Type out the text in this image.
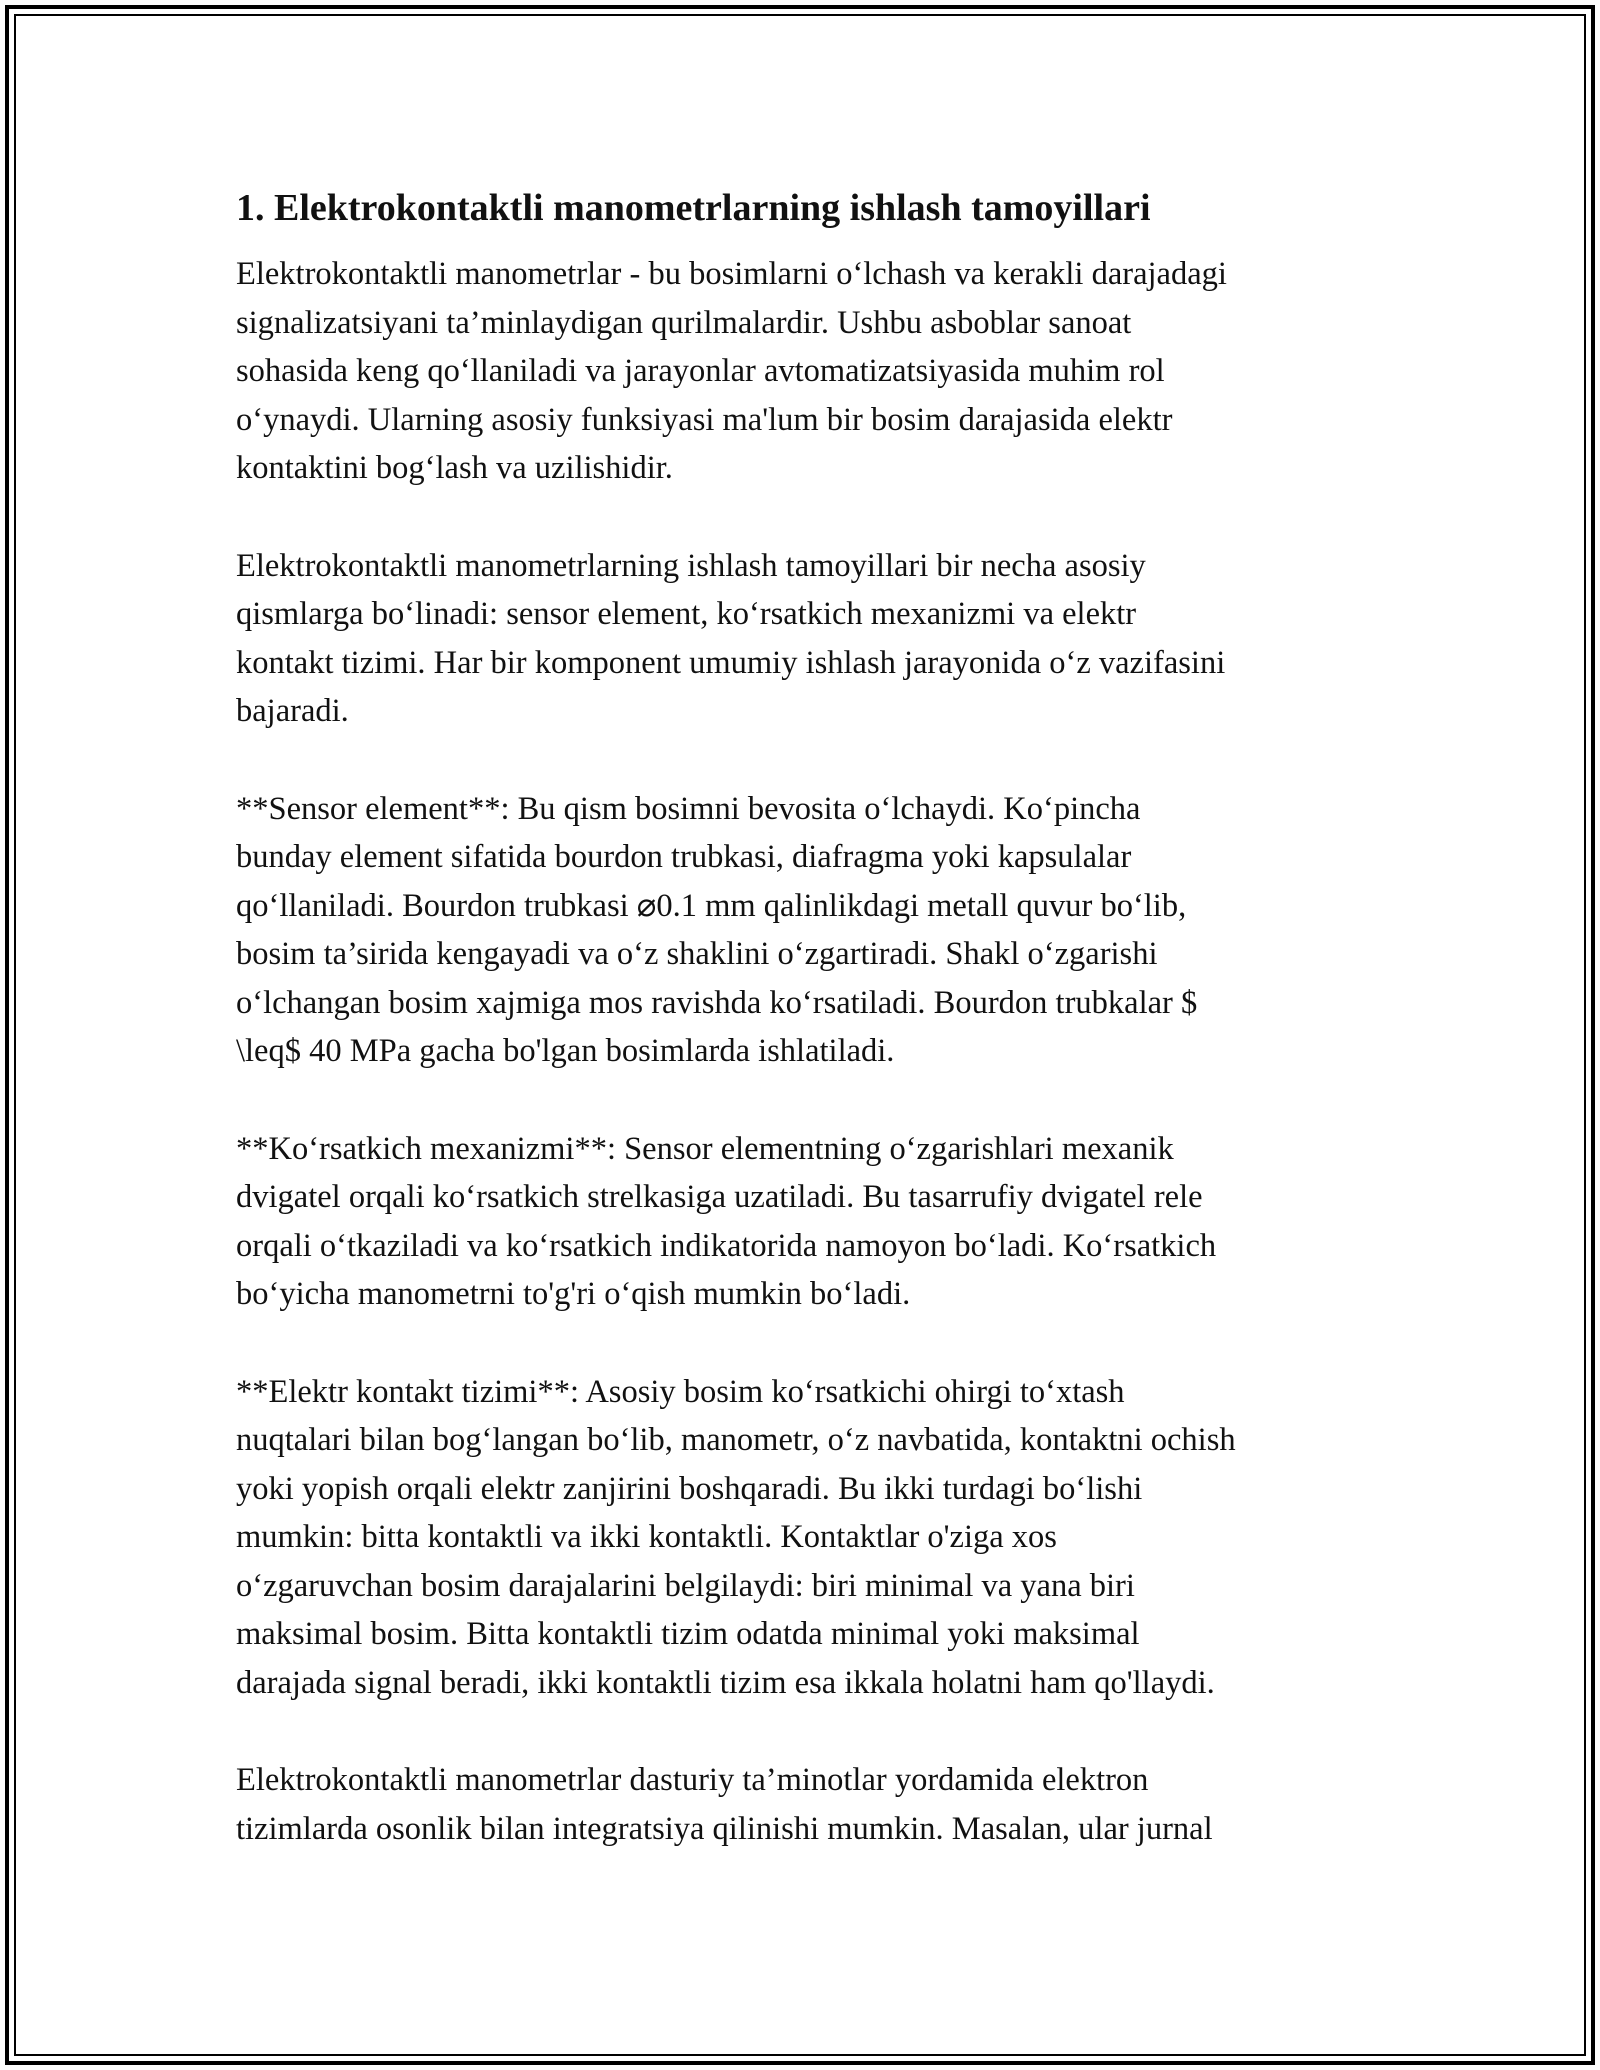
1. Elektrokontaktli manometrlarning ishlash tamoyillari
Elektrokontaktli manometrlar - bu bosimlarni o‘lchash va kerakli darajadagi
signalizatsiyani ta’minlaydigan qurilmalardir. Ushbu asboblar sanoat
sohasida keng qo‘llaniladi va jarayonlar avtomatizatsiyasida muhim rol
o‘ynaydi. Ularning asosiy funksiyasi ma'lum bir bosim darajasida elektr
kontaktini bog‘lash va uzilishidir.
Elektrokontaktli manometrlarning ishlash tamoyillari bir necha asosiy
qismlarga bo‘linadi: sensor element, ko‘rsatkich mexanizmi va elektr
kontakt tizimi. Har bir komponent umumiy ishlash jarayonida o‘z vazifasini
bajaradi.
**Sensor element**: Bu qism bosimni bevosita o‘lchaydi. Ko‘pincha
bunday element sifatida bourdon trubkasi, diafragma yoki kapsulalar
qo‘llaniladi. Bourdon trubkasi ⌀0.1 mm qalinlikdagi metall quvur bo‘lib,
bosim ta’sirida kengayadi va o‘z shaklini o‘zgartiradi. Shakl o‘zgarishi
o‘lchangan bosim xajmiga mos ravishda ko‘rsatiladi. Bourdon trubkalar $
\leq$ 40 MPa gacha bo'lgan bosimlarda ishlatiladi.
**Ko‘rsatkich mexanizmi**: Sensor elementning o‘zgarishlari mexanik
dvigatel orqali ko‘rsatkich strelkasiga uzatiladi. Bu tasarrufiy dvigatel rele
orqali o‘tkaziladi va ko‘rsatkich indikatorida namoyon bo‘ladi. Ko‘rsatkich
bo‘yicha manometrni to'g'ri o‘qish mumkin bo‘ladi.
**Elektr kontakt tizimi**: Asosiy bosim ko‘rsatkichi ohirgi to‘xtash
nuqtalari bilan bog‘langan bo‘lib, manometr, o‘z navbatida, kontaktni ochish
yoki yopish orqali elektr zanjirini boshqaradi. Bu ikki turdagi bo‘lishi
mumkin: bitta kontaktli va ikki kontaktli. Kontaktlar o'ziga xos
o‘zgaruvchan bosim darajalarini belgilaydi: biri minimal va yana biri
maksimal bosim. Bitta kontaktli tizim odatda minimal yoki maksimal
darajada signal beradi, ikki kontaktli tizim esa ikkala holatni ham qo'llaydi.
Elektrokontaktli manometrlar dasturiy ta’minotlar yordamida elektron
tizimlarda osonlik bilan integratsiya qilinishi mumkin. Masalan, ular jurnal
